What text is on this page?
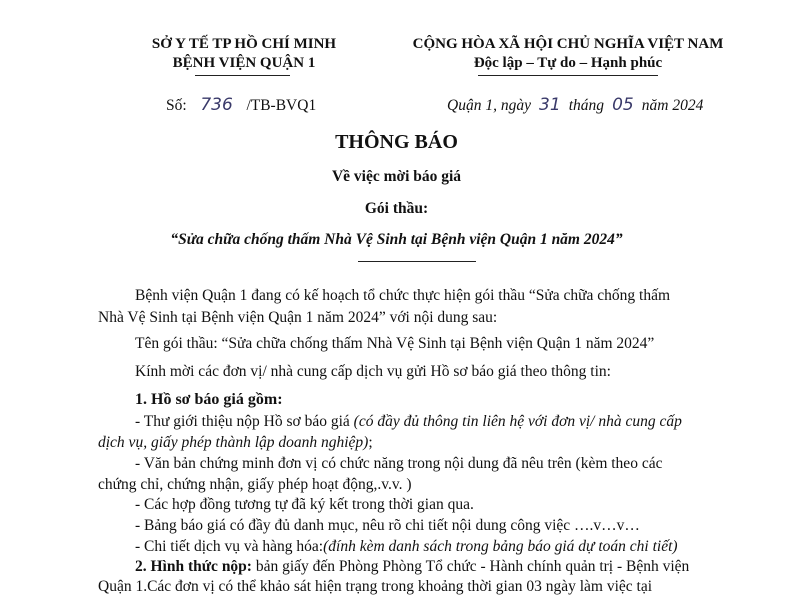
SỞ Y TẾ TP HỒ CHÍ MINH
BỆNH VIỆN QUẬN 1
CỘNG HÒA XÃ HỘI CHỦ NGHĨA VIỆT NAM
Độc lập – Tự do – Hạnh phúc
Số: 736 /TB-BVQ1	Quận 1, ngày 31 tháng 05 năm 2024
THÔNG BÁO
Về việc mời báo giá
Gói thầu:
“Sửa chữa chống thấm Nhà Vệ Sinh tại Bệnh viện Quận 1 năm 2024”
Bệnh viện Quận 1 đang có kế hoạch tổ chức thực hiện gói thầu “Sửa chữa chống thấm
Nhà Vệ Sinh tại Bệnh viện Quận 1 năm 2024” với nội dung sau:
Tên gói thầu: “Sửa chữa chống thấm Nhà Vệ Sinh tại Bệnh viện Quận 1 năm 2024”
Kính mời các đơn vị/ nhà cung cấp dịch vụ gửi Hồ sơ báo giá theo thông tin:
1. Hồ sơ báo giá gồm:
- Thư giới thiệu nộp Hồ sơ báo giá (có đầy đủ thông tin liên hệ với đơn vị/ nhà cung cấp
dịch vụ, giấy phép thành lập doanh nghiệp);
- Văn bản chứng minh đơn vị có chức năng trong nội dung đã nêu trên (kèm theo các
chứng chỉ, chứng nhận, giấy phép hoạt động,.v.v. )
- Các hợp đồng tương tự đã ký kết trong thời gian qua.
- Bảng báo giá có đầy đủ danh mục, nêu rõ chi tiết nội dung công việc ….v…v…
- Chi tiết dịch vụ và hàng hóa:(đính kèm danh sách trong bảng báo giá dự toán chi tiết)
2. Hình thức nộp: bản giấy đến Phòng Phòng Tổ chức - Hành chính quản trị - Bệnh viện
Quận 1.Các đơn vị có thể khảo sát hiện trạng trong khoảng thời gian 03 ngày làm việc tại
